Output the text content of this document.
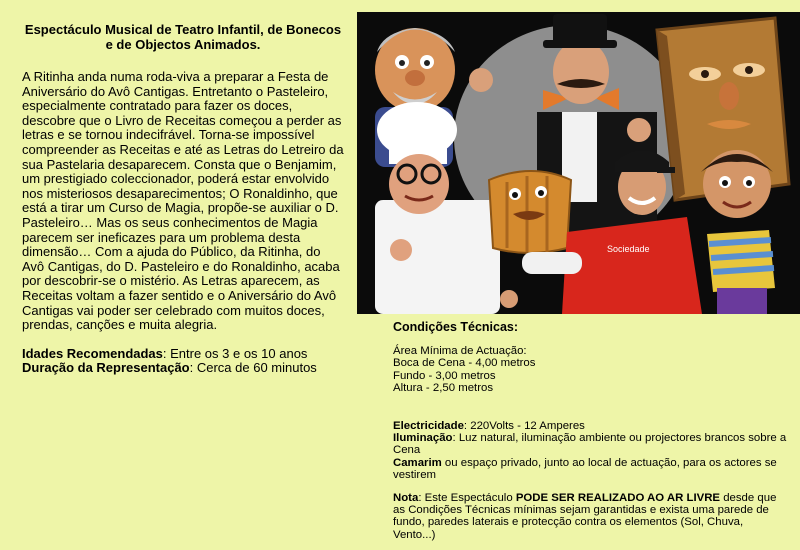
Espectáculo Musical de Teatro Infantil, de Bonecos e de Objectos Animados.

A Ritinha anda numa roda-viva a preparar a Festa de Aniversário do Avô Cantigas. Entretanto o Pasteleiro, especialmente contratado para fazer os doces, descobre que o Livro de Receitas começou a perder as letras e se tornou indecifrável. Torna-se impossível compreender as Receitas e até as Letras do Letreiro da sua Pastelaria desaparecem. Consta que o Benjamim, um prestigiado coleccionador, poderá estar envolvido nos misteriosos desaparecimentos; O Ronaldinho, que está a tirar um Curso de Magia, propõe-se auxiliar o D. Pasteleiro… Mas os seus conhecimentos de Magia parecem ser ineficazes para um problema desta dimensão… Com a ajuda do Público, da Ritinha, do Avô Cantigas, do D. Pasteleiro e do Ronaldinho, acaba por descobrir-se o mistério. As Letras aparecem, as Receitas voltam a fazer sentido e o Aniversário do Avô Cantigas vai poder ser celebrado com muitos doces, prendas, canções e muita alegria.

Idades Recomendadas: Entre os 3 e os 10 anos
Duração da Representação: Cerca de 60 minutos
Sociedade
Condições Técnicas:
Área Mínima de Actuação:
Boca de Cena - 4,00 metros
Fundo - 3,00 metros
Altura - 2,50 metros
Electricidade: 220Volts - 12 Amperes
Iluminação: Luz natural, iluminação ambiente ou projectores brancos sobre a Cena
Camarim ou espaço privado, junto ao local de actuação, para os actores se vestirem
Nota: Este Espectáculo PODE SER REALIZADO AO AR LIVRE desde que as Condições Técnicas mínimas sejam garantidas e exista uma parede de fundo, paredes laterais e protecção contra os elementos (Sol, Chuva, Vento...)
